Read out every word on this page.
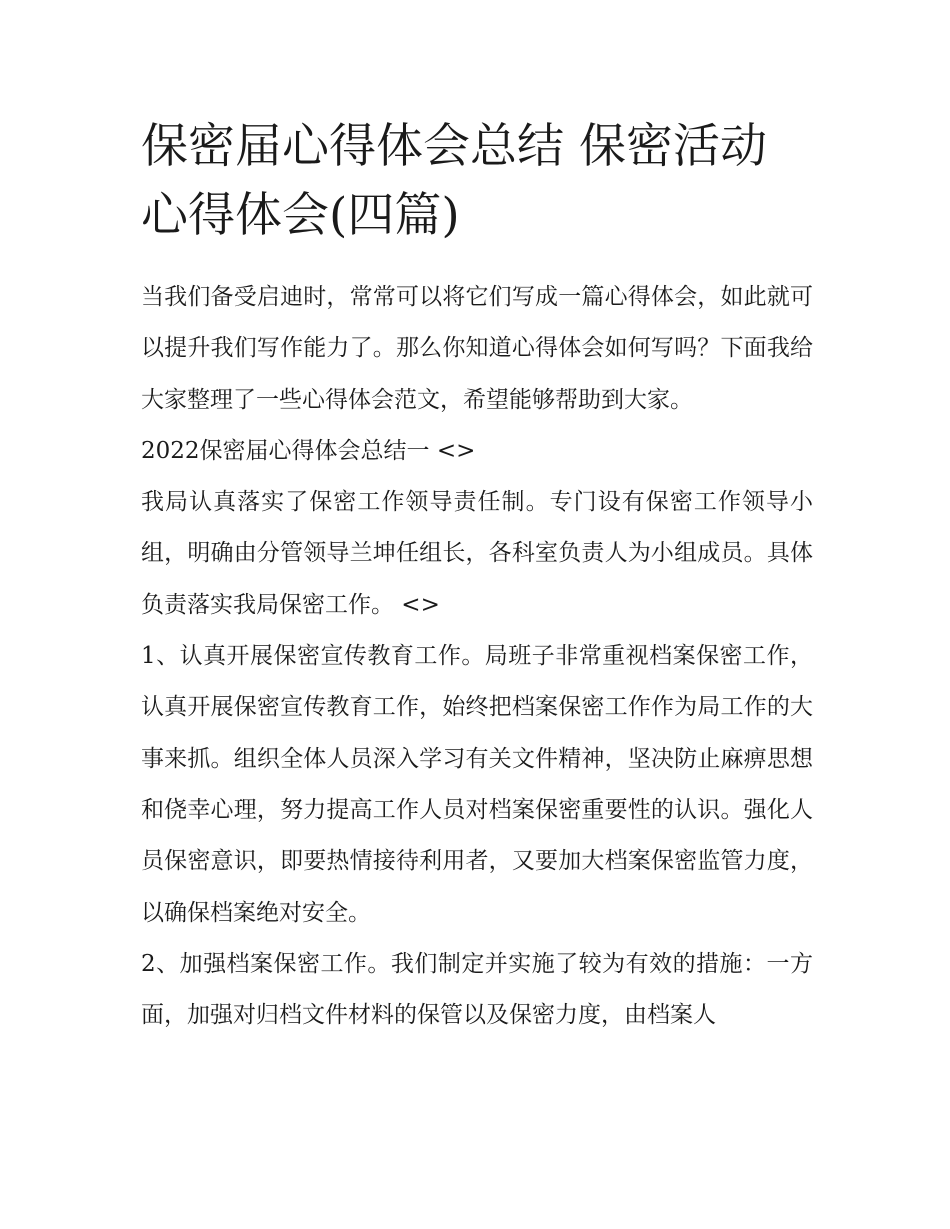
保密届心得体会总结 保密活动心得体会(四篇)

当我们备受启迪时，常常可以将它们写成一篇心得体会，如此就可以提升我们写作能力了。那么你知道心得体会如何写吗？下面我给大家整理了一些心得体会范文，希望能够帮助到大家。

2022保密届心得体会总结一 <>

我局认真落实了保密工作领导责任制。专门设有保密工作领导小组，明确由分管领导兰坤任组长，各科室负责人为小组成员。具体负责落实我局保密工作。 <>

1、认真开展保密宣传教育工作。局班子非常重视档案保密工作，认真开展保密宣传教育工作，始终把档案保密工作作为局工作的大事来抓。组织全体人员深入学习有关文件精神，坚决防止麻痹思想和侥幸心理，努力提高工作人员对档案保密重要性的认识。强化人员保密意识，即要热情接待利用者，又要加大档案保密监管力度，以确保档案绝对安全。

2、加强档案保密工作。我们制定并实施了较为有效的措施：一方面，加强对归档文件材料的保管以及保密力度，由档案人
